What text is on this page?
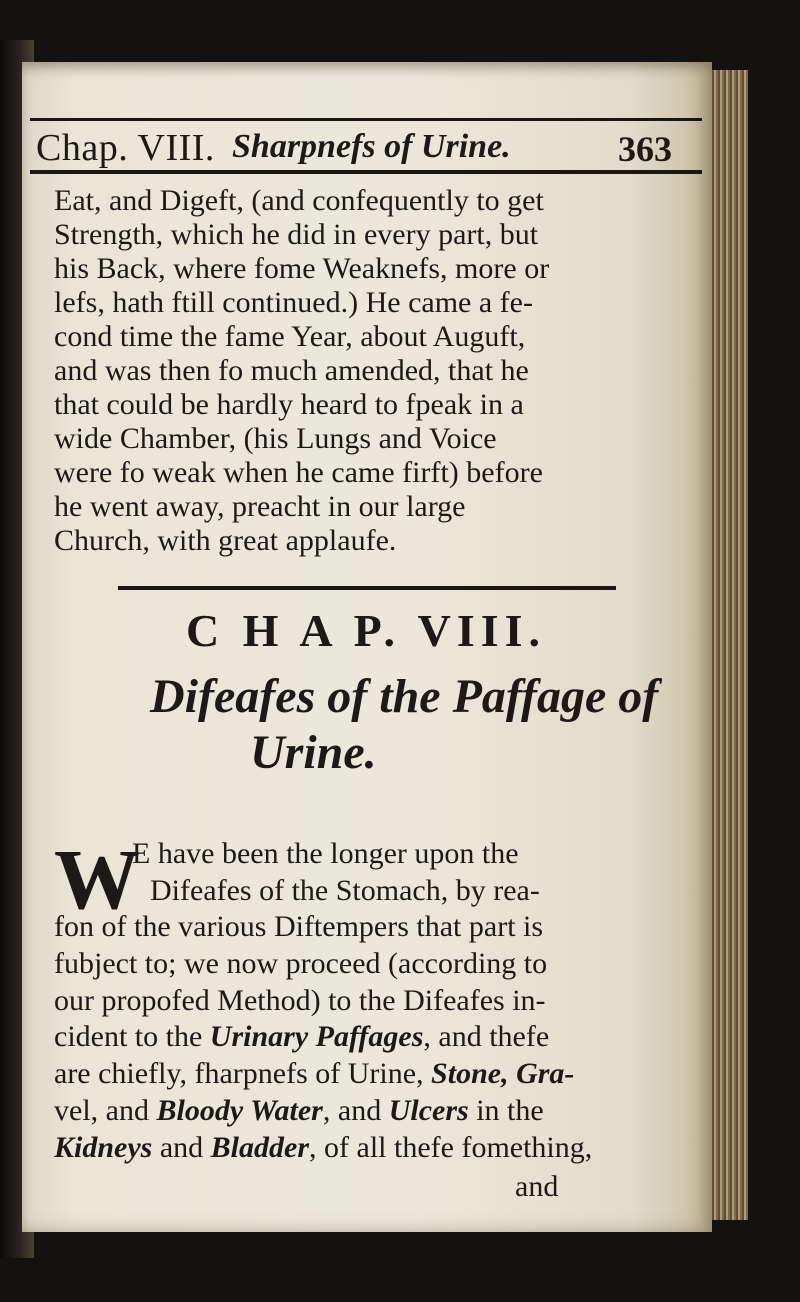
Chap. VIII. Sharpnefs of Urine.	363
Eat, and Digeft, (and confequently to get
Strength, which he did in every part, but
his Back, where fome Weaknefs, more or
lefs, hath ftill continued.) He came a fe-
cond time the fame Year, about Auguft,
and was then fo much amended, that he
that could be hardly heard to fpeak in a
wide Chamber, (his Lungs and Voice
were fo weak when he came firft) before
he went away, preacht in our large
Church, with great applaufe.
C H A P. VIII.
Difeafes of the Paffage of
Urine.
W
E have been the longer upon the
Difeafes of the Stomach, by rea-
fon of the various Diftempers that part is
fubject to; we now proceed (according to
our propofed Method) to the Difeafes in-
cident to the Urinary Paffages, and thefe
are chiefly, fharpnefs of Urine, Stone, Gra-
vel, and Bloody Water, and Ulcers in the
Kidneys and Bladder, of all thefe fomething,
and
